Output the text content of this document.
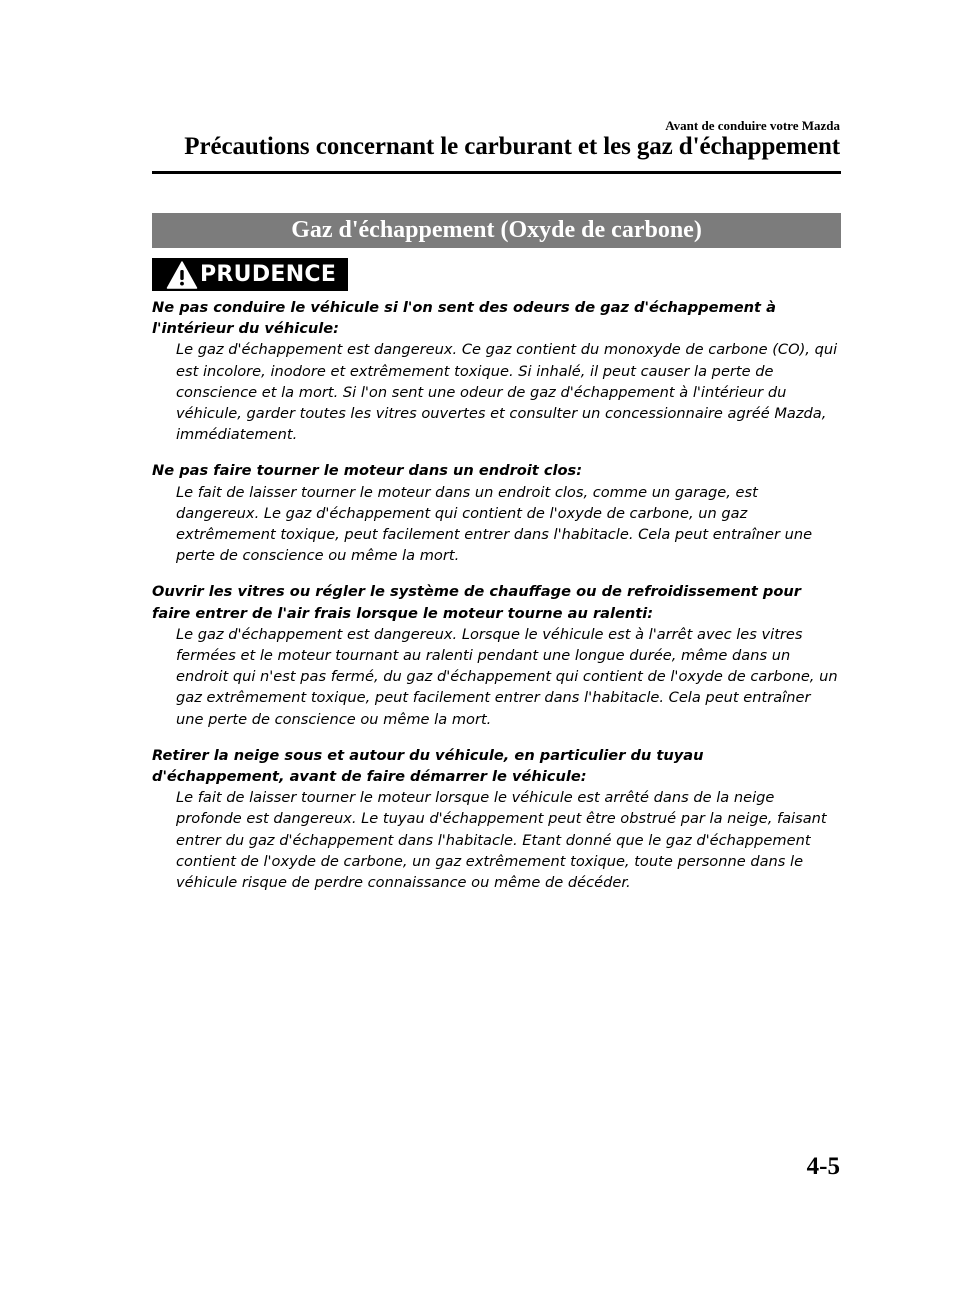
Avant de conduire votre Mazda
Précautions concernant le carburant et les gaz d'échappement
Gaz d'échappement (Oxyde de carbone)
PRUDENCE
Ne pas conduire le véhicule si l'on sent des odeurs de gaz d'échappement à l'intérieur du véhicule:
Le gaz d'échappement est dangereux. Ce gaz contient du monoxyde de carbone (CO), qui est incolore, inodore et extrêmement toxique. Si inhalé, il peut causer la perte de conscience et la mort. Si l'on sent une odeur de gaz d'échappement à l'intérieur du véhicule, garder toutes les vitres ouvertes et consulter un concessionnaire agréé Mazda, immédiatement.
Ne pas faire tourner le moteur dans un endroit clos:
Le fait de laisser tourner le moteur dans un endroit clos, comme un garage, est dangereux. Le gaz d'échappement qui contient de l'oxyde de carbone, un gaz extrêmement toxique, peut facilement entrer dans l'habitacle. Cela peut entraîner une perte de conscience ou même la mort.
Ouvrir les vitres ou régler le système de chauffage ou de refroidissement pour faire entrer de l'air frais lorsque le moteur tourne au ralenti:
Le gaz d'échappement est dangereux. Lorsque le véhicule est à l'arrêt avec les vitres fermées et le moteur tournant au ralenti pendant une longue durée, même dans un endroit qui n'est pas fermé, du gaz d'échappement qui contient de l'oxyde de carbone, un gaz extrêmement toxique, peut facilement entrer dans l'habitacle. Cela peut entraîner une perte de conscience ou même la mort.
Retirer la neige sous et autour du véhicule, en particulier du tuyau d'échappement, avant de faire démarrer le véhicule:
Le fait de laisser tourner le moteur lorsque le véhicule est arrêté dans de la neige profonde est dangereux. Le tuyau d'échappement peut être obstrué par la neige, faisant entrer du gaz d'échappement dans l'habitacle. Etant donné que le gaz d'échappement contient de l'oxyde de carbone, un gaz extrêmement toxique, toute personne dans le véhicule risque de perdre connaissance ou même de décéder.
4-5
